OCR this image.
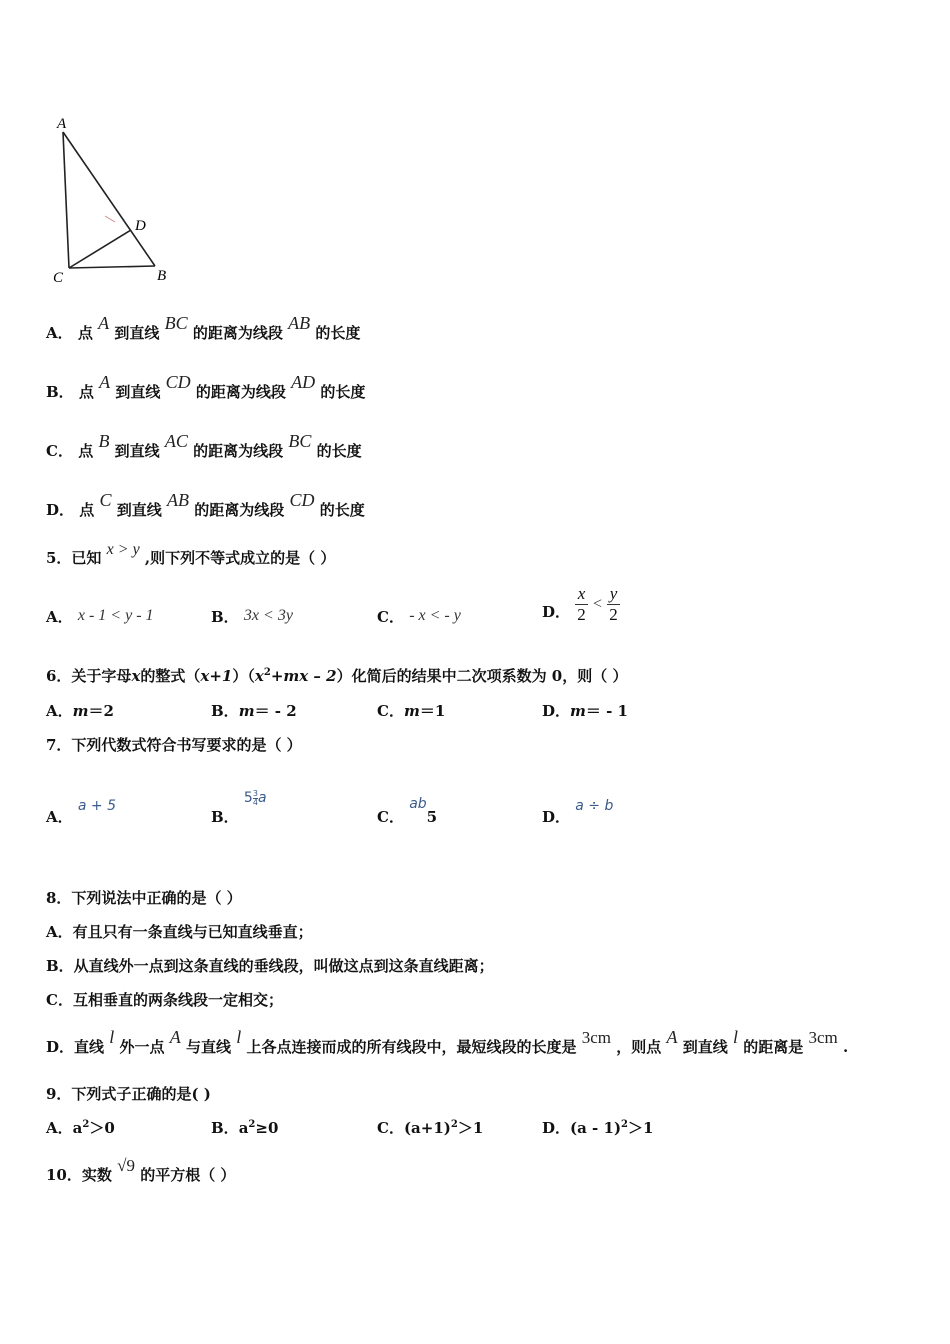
A
B
C
D
A． 点 A 到直线 BC 的距离为线段 AB 的长度
B． 点 A 到直线 CD 的距离为线段 AD 的长度
C． 点 B 到直线 AC 的距离为线段 BC 的长度
D． 点 C 到直线 AB 的距离为线段 CD 的长度
5．已知 x > y ,则下列不等式成立的是（ ）
A． x - 1 < y - 1	B． 3x < 3y	C． - x < - y	D． $\frac{x}{2} < \frac{y}{2}$
6．关于字母x的整式$(x+1)(x^2+mx - 2)$化简后的结果中二次项系数为 0，则（ ）
A．m＝2	B．m＝ - 2	C．m＝1	D．m＝ - 1
7．下列代数式符合书写要求的是（ ）
A． a + 5
B． $5 \frac{3}{4}$ a
C． ab5	D． a ÷ b
8．下列说法中正确的是（ ）
A．有且只有一条直线与已知直线垂直；
B．从直线外一点到这条直线的垂线段，叫做这点到这条直线距离；
C．互相垂直的两条线段一定相交；
D．直线 l 外一点 A 与直线 l 上各点连接而成的所有线段中，最短线段的长度是 3cm ，则点 A 到直线 l 的距离是 3cm .
9．下列式子正确的是( )
A．$a^2>0$	B．$a^2\ge 0$	C．$(a+1)^2>1$	D．(a - 1)$^2$＞1
10．实数 √9 的平方根（ ）
